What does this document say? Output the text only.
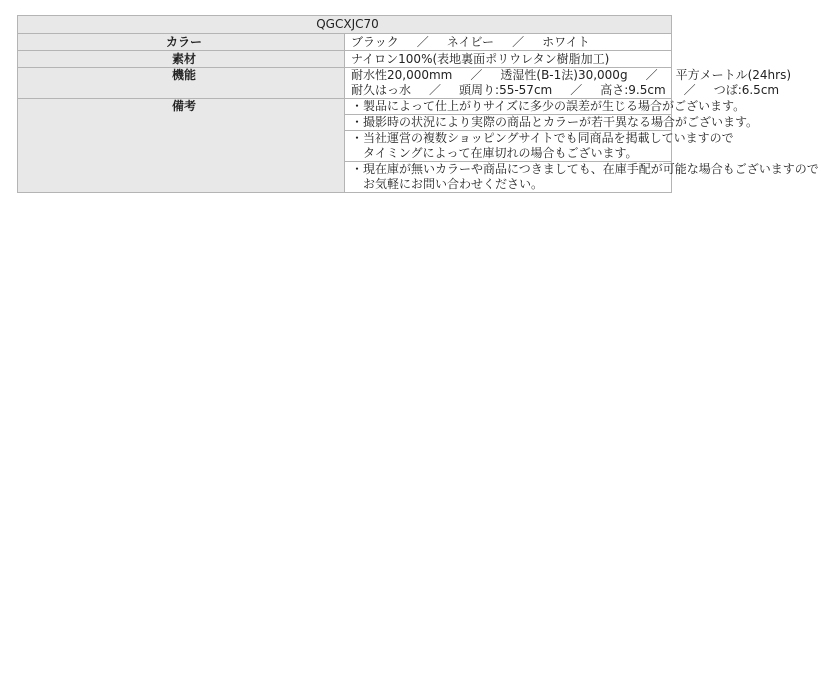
QGCXJC70	
カラー	ブラック ／ ネイビー ／ ホワイト
素材	ナイロン100%(表地裏面ポリウレタン樹脂加工)
機能	耐水性20,000mm ／ 透湿性(B-1法)30,000g ／ 平方メートル(24hrs)
耐久はっ水 ／ 頭周り:55-57cm ／ 高さ:9.5cm ／ つば:6.5cm

備考	・製品によって仕上がりサイズに多少の誤差が生じる場合がございます。

	・撮影時の状況により実際の商品とカラーが若干異なる場合がございます。

	・当社運営の複数ショッピングサイトでも同商品を掲載していますので
タイミングによって在庫切れの場合もございます。

	・現在庫が無いカラーや商品につきましても、在庫手配が可能な場合もございますので
お気軽にお問い合わせください。
